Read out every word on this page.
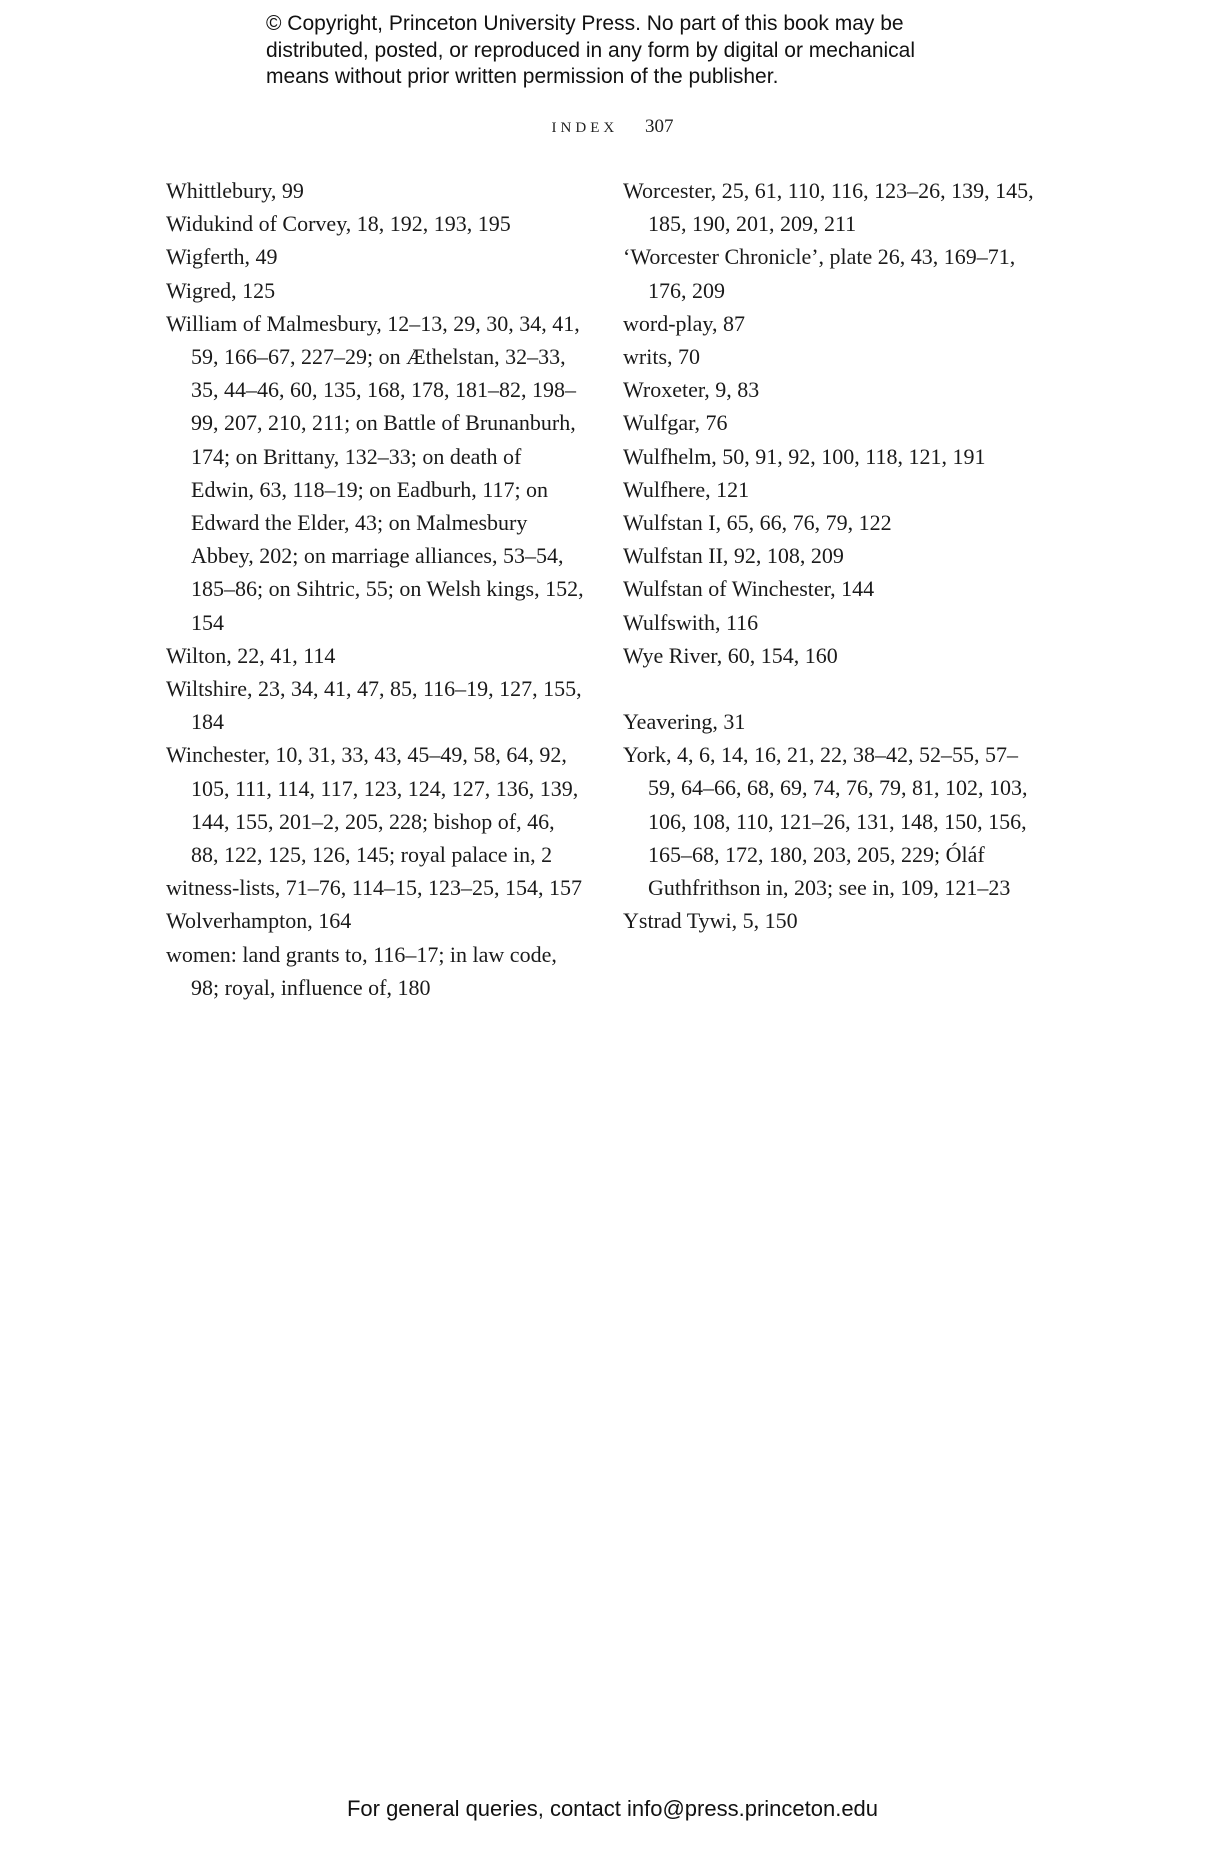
© Copyright, Princeton University Press. No part of this book may be
distributed, posted, or reproduced in any form by digital or mechanical
means without prior written permission of the publisher.
INDEX 307

Whittlebury, 99

Widukind of Corvey, 18, 192, 193, 195

Wigferth, 49

Wigred, 125

William of Malmesbury, 12–13, 29, 30, 34, 41, 59, 166–67, 227–29; on Æthelstan, 32–33, 35, 44–46, 60, 135, 168, 178, 181–82, 198–99, 207, 210, 211; on Battle of Brunanburh, 174; on Brittany, 132–33; on death of Edwin, 63, 118–19; on Eadburh, 117; on Edward the Elder, 43; on Malmesbury Abbey, 202; on marriage alliances, 53–54, 185–86; on Sihtric, 55; on Welsh kings, 152, 154

Wilton, 22, 41, 114

Wiltshire, 23, 34, 41, 47, 85, 116–19, 127, 155, 184

Winchester, 10, 31, 33, 43, 45–49, 58, 64, 92, 105, 111, 114, 117, 123, 124, 127, 136, 139, 144, 155, 201–2, 205, 228; bishop of, 46, 88, 122, 125, 126, 145; royal palace in, 2

witness-lists, 71–76, 114–15, 123–25, 154, 157

Wolverhampton, 164

women: land grants to, 116–17; in law code, 98; royal, influence of, 180

Worcester, 25, 61, 110, 116, 123–26, 139, 145, 185, 190, 201, 209, 211

‘Worcester Chronicle’, plate 26, 43, 169–71, 176, 209

word-play, 87

writs, 70

Wroxeter, 9, 83

Wulfgar, 76

Wulfhelm, 50, 91, 92, 100, 118, 121, 191

Wulfhere, 121

Wulfstan I, 65, 66, 76, 79, 122

Wulfstan II, 92, 108, 209

Wulfstan of Winchester, 144

Wulfswith, 116

Wye River, 60, 154, 160

Yeavering, 31

York, 4, 6, 14, 16, 21, 22, 38–42, 52–55, 57–59, 64–66, 68, 69, 74, 76, 79, 81, 102, 103, 106, 108, 110, 121–26, 131, 148, 150, 156, 165–68, 172, 180, 203, 205, 229; Óláf Guthfrithson in, 203; see in, 109, 121–23

Ystrad Tywi, 5, 150

For general queries, contact info@press.princeton.edu
